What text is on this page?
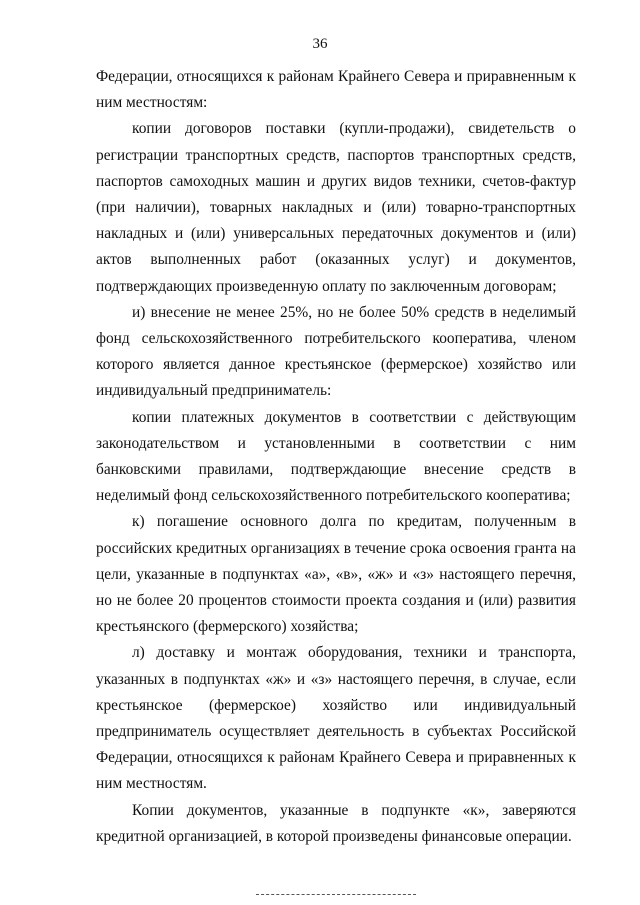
36

Федерации, относящихся к районам Крайнего Севера и приравненным к ним местностям:

копии договоров поставки (купли-продажи), свидетельств о регистрации транспортных средств, паспортов транспортных средств, паспортов самоходных машин и других видов техники, счетов-фактур (при наличии), товарных накладных и (или) товарно-транспортных накладных и (или) универсальных передаточных документов и (или) актов выполненных работ (оказанных услуг) и документов, подтверждающих произведенную оплату по заключенным договорам;

и) внесение не менее 25%, но не более 50% средств в неделимый фонд сельскохозяйственного потребительского кооператива, членом которого является данное крестьянское (фермерское) хозяйство или индивидуальный предприниматель:

копии платежных документов в соответствии с действующим законодательством и установленными в соответствии с ним банковскими правилами, подтверждающие внесение средств в неделимый фонд сельскохозяйственного потребительского кооператива;

к) погашение основного долга по кредитам, полученным в российских кредитных организациях в течение срока освоения гранта на цели, указанные в подпунктах «а», «в», «ж» и «з» настоящего перечня, но не более 20 процентов стоимости проекта создания и (или) развития крестьянского (фермерского) хозяйства;

л) доставку и монтаж оборудования, техники и транспорта, указанных в подпунктах «ж» и «з» настоящего перечня, в случае, если крестьянское (фермерское) хозяйство или индивидуальный предприниматель осуществляет деятельность в субъектах Российской Федерации, относящихся к районам Крайнего Севера и приравненных к ним местностям.

Копии документов, указанные в подпункте «к», заверяются кредитной организацией, в которой произведены финансовые операции.
